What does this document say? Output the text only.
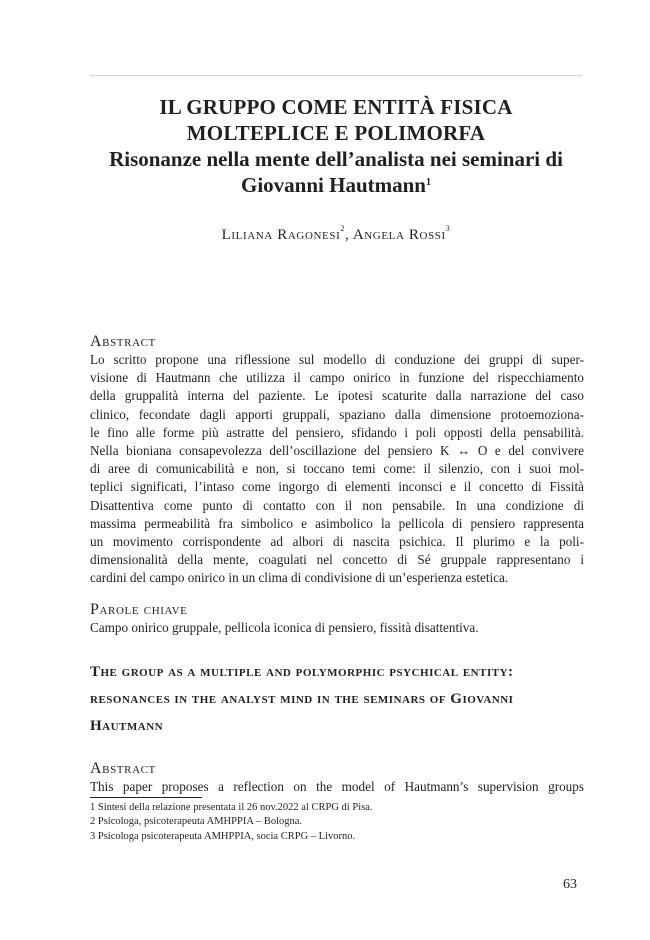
IL GRUPPO COME ENTITÀ FISICA
MOLTEPLICE E POLIMORFA
Risonanze nella mente dell’analista nei seminari di
Giovanni Hautmann$^1$
Liliana Ragonesi$^2$, Angela Rossi$^3$
Abstract
Lo scritto propone una riflessione sul modello di conduzione dei gruppi di super-
visione di Hautmann che utilizza il campo onirico in funzione del rispecchiamento
della gruppalità interna del paziente. Le ipotesi scaturite dalla narrazione del caso
clinico, fecondate dagli apporti gruppali, spaziano dalla dimensione protoemoziona-
le fino alle forme più astratte del pensiero, sfidando i poli opposti della pensabilità.
Nella bioniana consapevolezza dell’oscillazione del pensiero K ↔ O e del convivere
di aree di comunicabilità e non, si toccano temi come: il silenzio, con i suoi mol-
teplici significati, l’intaso come ingorgo di elementi inconsci e il concetto di Fissità
Disattentiva come punto di contatto con il non pensabile. In una condizione di
massima permeabilità fra simbolico e asimbolico la pellicola di pensiero rappresenta
un movimento corrispondente ad albori di nascita psichica. Il plurimo e la poli-
dimensionalità della mente, coagulati nel concetto di Sé gruppale rappresentano i
cardini del campo onirico in un clima di condivisione di un’esperienza estetica.
Parole chiave
Campo onirico gruppale, pellicola iconica di pensiero, fissità disattentiva.
The group as a multiple and polymorphic psychical entity:
resonances in the analyst mind in the seminars of Giovanni
Hautmann
Abstract
This paper proposes a reflection on the model of Hautmann’s supervision groups
1 Sintesi della relazione presentata il 26 nov.2022 al CRPG di Pisa.
2 Psicologa, psicoterapeuta AMHPPIA – Bologna.
3 Psicologa psicoterapeuta AMHPPIA, socia CRPG – Livorno.
63
